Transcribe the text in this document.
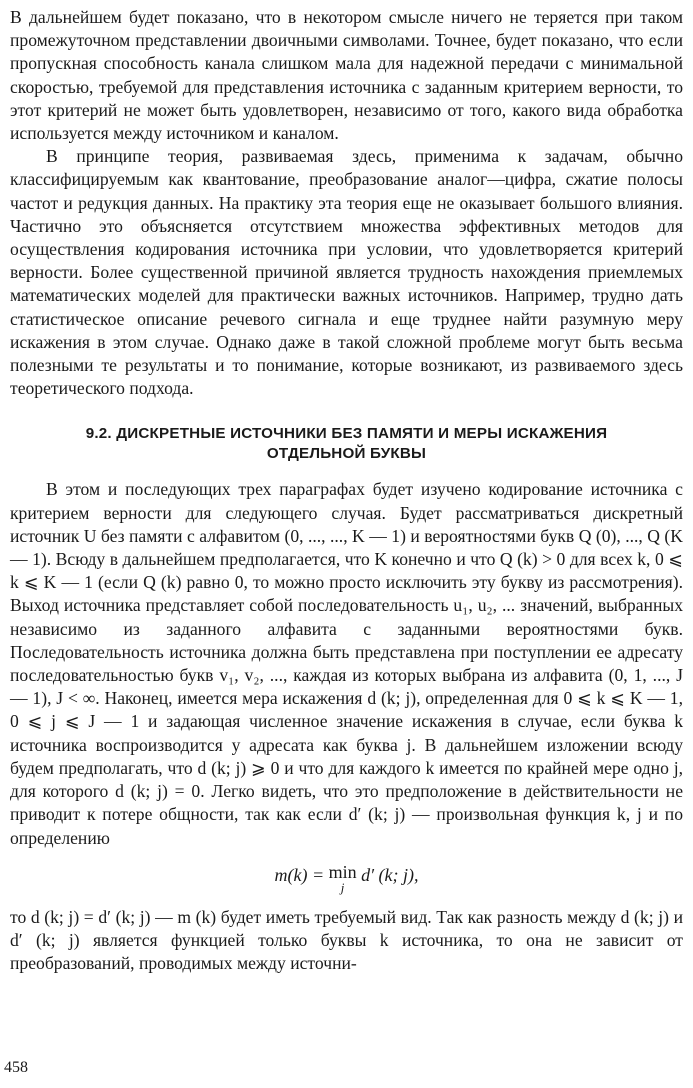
В дальнейшем будет показано, что в некотором смысле ничего не теряется при таком промежуточном представлении двоичными символами. Точнее, будет показано, что если пропускная способность канала слишком мала для надежной передачи с минимальной скоростью, требуемой для представления источника с заданным критерием верности, то этот критерий не может быть удовлетворен, независимо от того, какого вида обработка используется между источником и каналом.

В принципе теория, развиваемая здесь, применима к задачам, обычно классифицируемым как квантование, преобразование аналог—цифра, сжатие полосы частот и редукция данных. На практику эта теория еще не оказывает большого влияния. Частично это объясняется отсутствием множества эффективных методов для осуществления кодирования источника при условии, что удовлетворяется критерий верности. Более существенной причиной является трудность нахождения приемлемых математических моделей для практически важных источников. Например, трудно дать статистическое описание речевого сигнала и еще труднее найти разумную меру искажения в этом случае. Однако даже в такой сложной проблеме могут быть весьма полезными те результаты и то понимание, которые возникают, из развиваемого здесь теоретического подхода.

9.2. ДИСКРЕТНЫЕ ИСТОЧНИКИ БЕЗ ПАМЯТИ И МЕРЫ ИСКАЖЕНИЯ
ОТДЕЛЬНОЙ БУКВЫ

В этом и последующих трех параграфах будет изучено кодирование источника с критерием верности для следующего случая. Будет рассматриваться дискретный источник U без памяти с алфавитом (0, ..., ..., K — 1) и вероятностями букв Q (0), ..., Q (K — 1). Всюду в дальнейшем предполагается, что K конечно и что Q (k) > 0 для всех k, 0 ⩽ k ⩽ K — 1 (если Q (k) равно 0, то можно просто исключить эту букву из рассмотрения). Выход источника представляет собой последовательность u₁, u₂, ... значений, выбранных независимо из заданного алфавита с заданными вероятностями букв. Последовательность источника должна быть представлена при поступлении ее адресату последовательностью букв v₁, v₂, ..., каждая из которых выбрана из алфавита (0, 1, ..., J — 1), J < ∞. Наконец, имеется мера искажения d (k; j), определенная для 0 ⩽ k ⩽ K — 1, 0 ⩽ j ⩽ J — 1 и задающая численное значение искажения в случае, если буква k источника воспроизводится у адресата как буква j. В дальнейшем изложении всюду будем предполагать, что d (k; j) ⩾ 0 и что для каждого k имеется по крайней мере одно j, для которого d (k; j) = 0. Легко видеть, что это предположение в действительности не приводит к потере общности, так как если d′ (k; j) — произвольная функция k, j и по определению

m(k) = min
j
d′ (k; j),

то d (k; j) = d′ (k; j) — m (k) будет иметь требуемый вид. Так как разность между d (k; j) и d′ (k; j) является функцией только буквы k источника, то она не зависит от преобразований, проводимых между источни-

458
